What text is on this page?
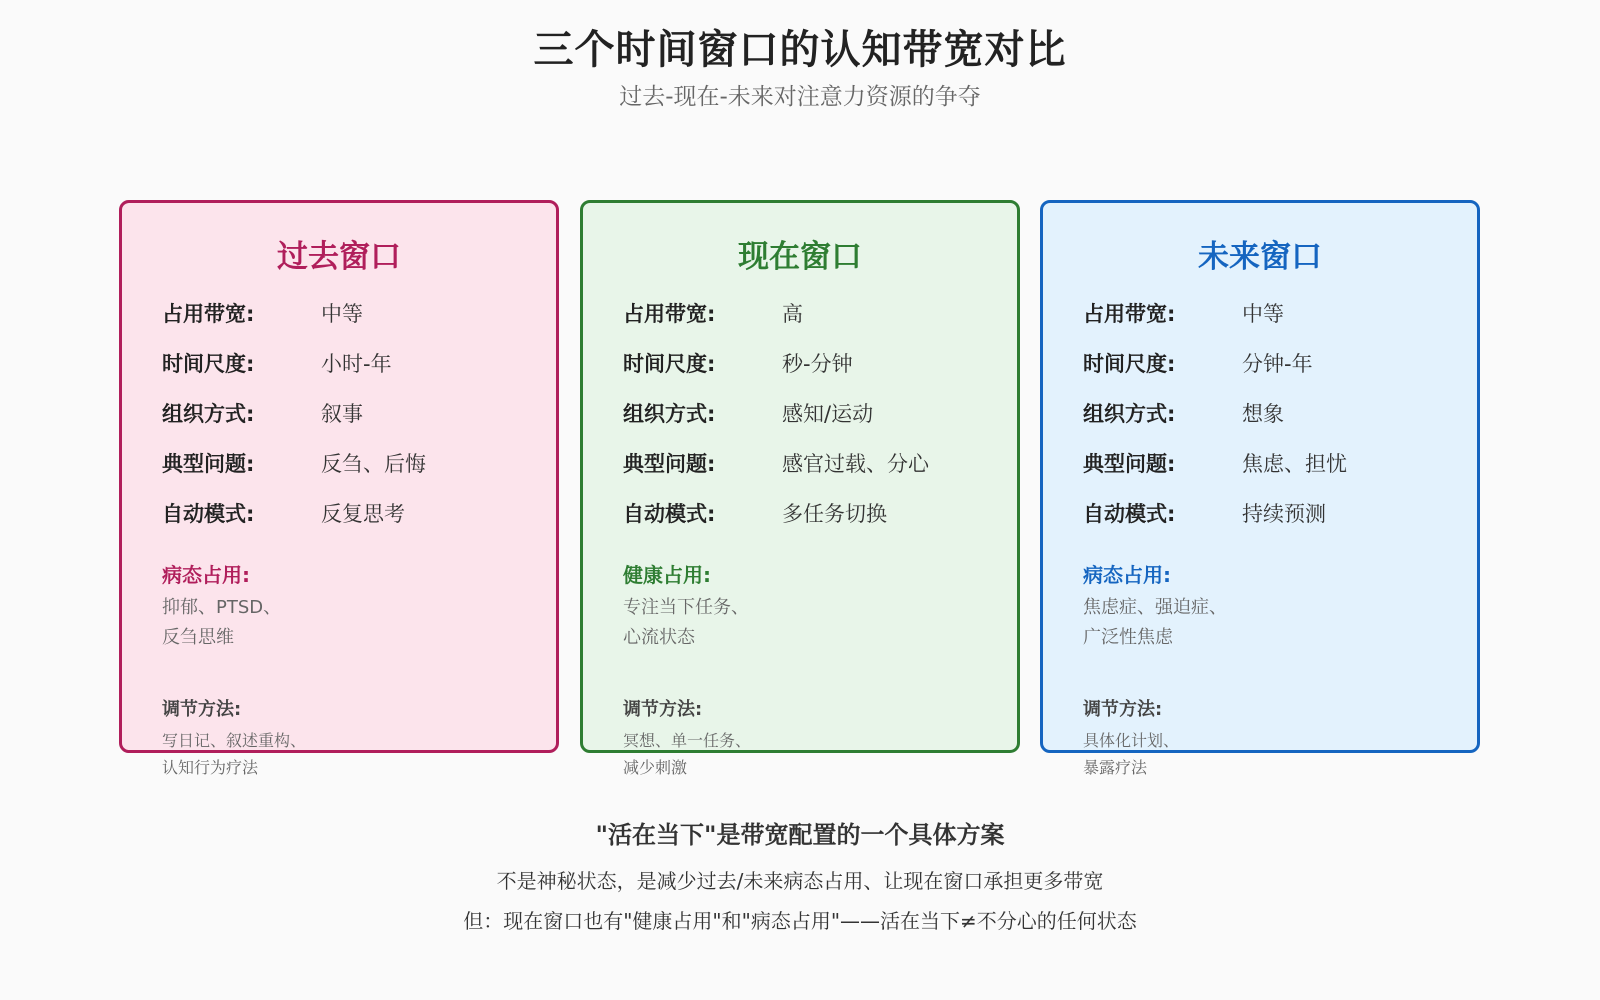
三个时间窗口的认知带宽对比
过去-现在-未来对注意力资源的争夺
过去窗口
占用带宽:	中等
时间尺度:	小时-年
组织方式:	叙事
典型问题:	反刍、后悔
自动模式:	反复思考
病态占用:
抑郁、PTSD、
反刍思维
调节方法:
写日记、叙述重构、
认知行为疗法
现在窗口
占用带宽:	高
时间尺度:	秒-分钟
组织方式:	感知/运动
典型问题:	感官过载、分心
自动模式:	多任务切换
健康占用:
专注当下任务、
心流状态
调节方法:
冥想、单一任务、
减少刺激
未来窗口
占用带宽:	中等
时间尺度:	分钟-年
组织方式:	想象
典型问题:	焦虑、担忧
自动模式:	持续预测
病态占用:
焦虑症、强迫症、
广泛性焦虑
调节方法:
具体化计划、
暴露疗法
"活在当下"是带宽配置的一个具体方案
不是神秘状态，是减少过去/未来病态占用、让现在窗口承担更多带宽
但：现在窗口也有"健康占用"和"病态占用"——活在当下≠不分心的任何状态
